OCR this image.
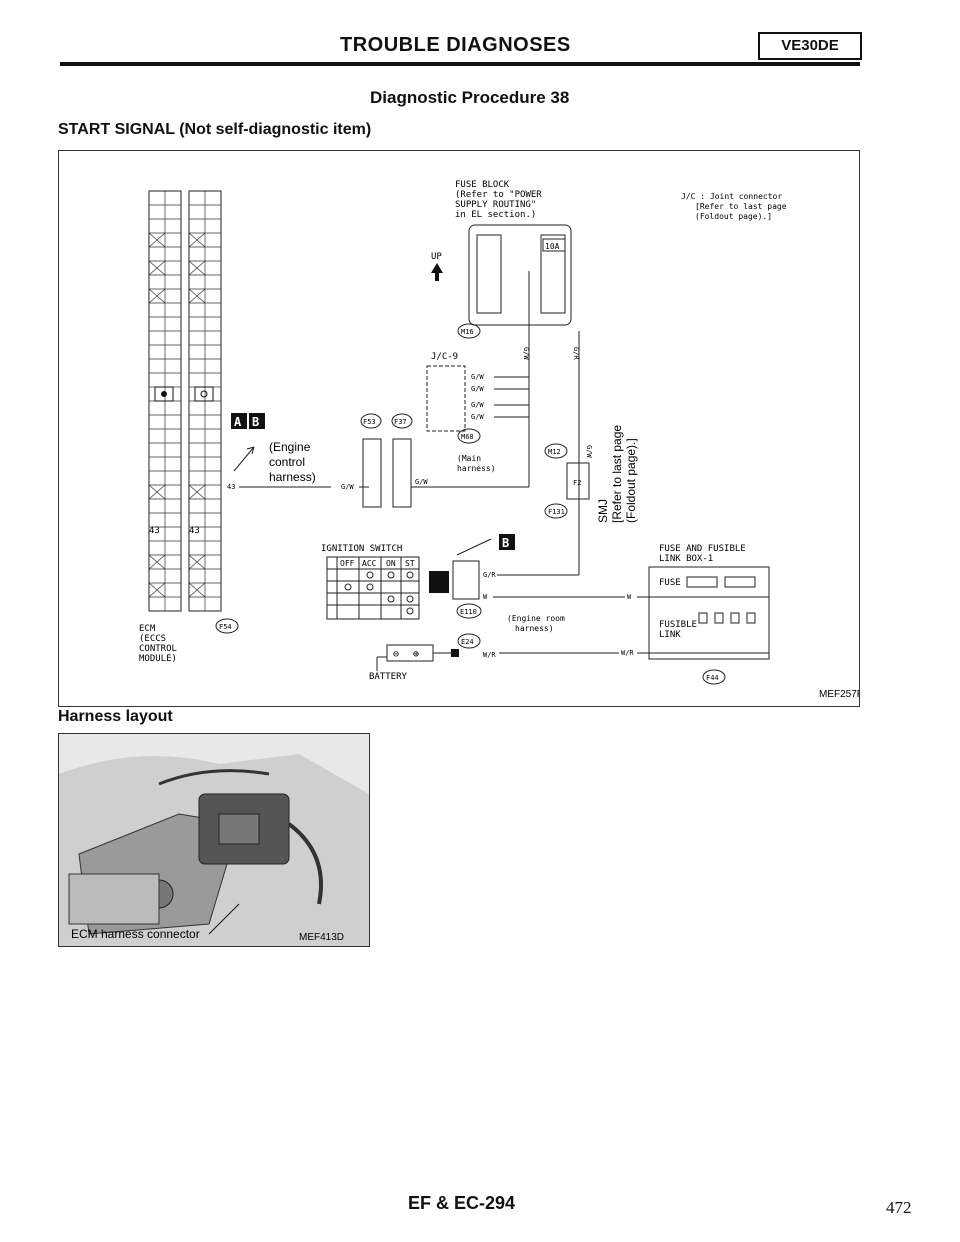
TROUBLE DIAGNOSES	VE30DE
Diagnostic Procedure 38
START SIGNAL (Not self-diagnostic item)
43	43
ECM
(ECCS
CONTROL
MODULE)
F54
A B
(Engine
control
harness)
43	G/W
F53	F37
G/W
(Main
harness)
J/C-9
G/W
G/W
G/W
G/W
M16
M68
FUSE BLOCK
(Refer to "POWER
SUPPLY ROUTING"
in EL section.)
10A
UP
G/W	G/R
J/C : Joint connector
[Refer to last page
(Foldout page).]
M12
F2
F131
G/W
SMJ [Refer to last page (Foldout page).]
IGNITION SWITCH
OFF ACC ON ST
G/R
B
W	W
E110
(Engine room
harness)
E24
⊖ ⊕
BATTERY
W/R	W/R
FUSE AND FUSIBLE
LINK BOX-1
FUSE
FUSIBLE
LINK
F44
MEF257F
Harness layout
ECM harness connector	MEF413D
EF & EC-294	472
